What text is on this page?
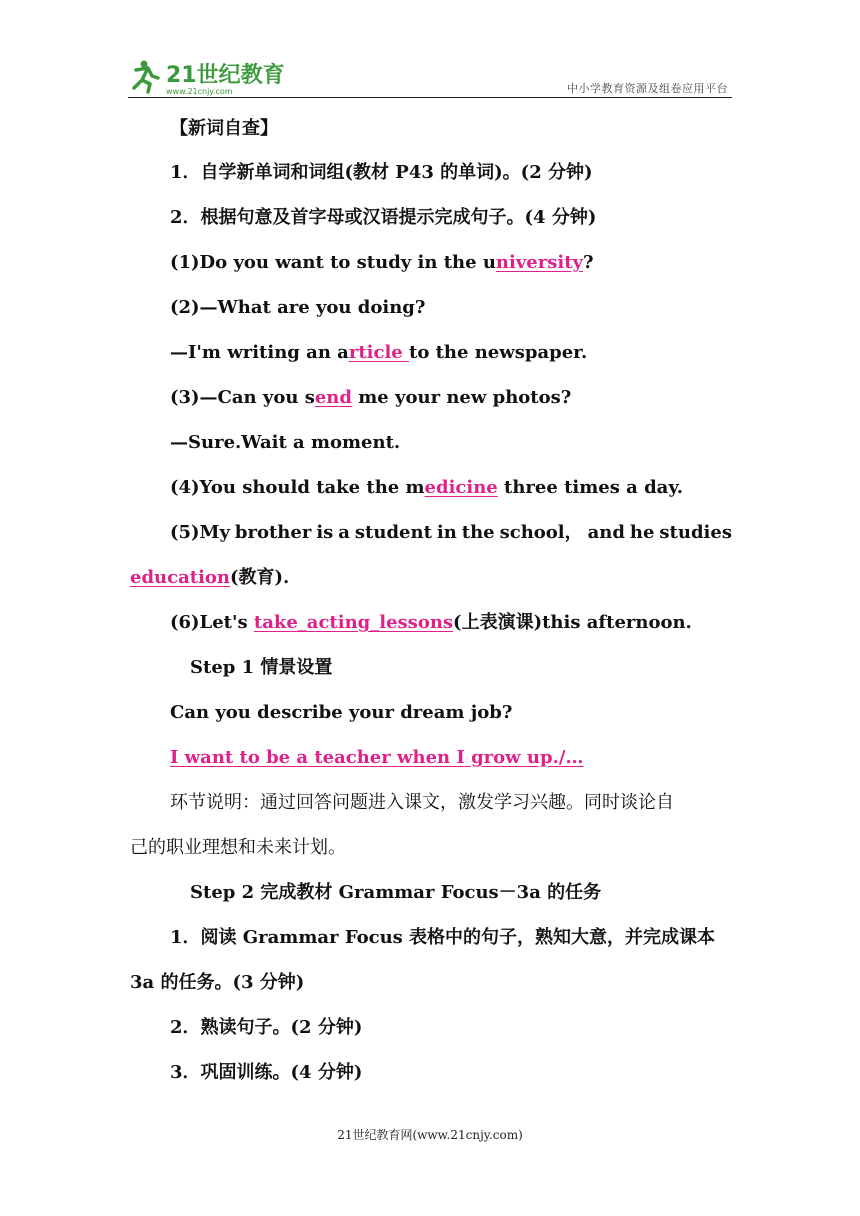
21世纪教育
www.21cnjy.com	中小学教育资源及组卷应用平台
【新词自查】
1．自学新单词和词组(教材 P43 的单词)。(2 分钟)
2．根据句意及首字母或汉语提示完成句子。(4 分钟)
(1)Do you want to study in the university?
(2)—What are you doing?
—I'm writing an article to the newspaper.
(3)—Can you send me your new photos?
—Sure.Wait a moment.
(4)You should take the medicine three times a day.
(5)My brother is a student in the school， and he studies
education(教育).
(6)Let's take_acting_lessons(上表演课)this afternoon.
Step 1 情景设置
Can you describe your dream job?
I want to be a teacher when I grow up./…
环节说明：通过回答问题进入课文，激发学习兴趣。同时谈论自
己的职业理想和未来计划。
Step 2 完成教材 Grammar Focus－3a 的任务
1．阅读 Grammar Focus 表格中的句子，熟知大意，并完成课本
3a 的任务。(3 分钟)
2．熟读句子。(2 分钟)
3．巩固训练。(4 分钟)
21世纪教育网(www.21cnjy.com)
